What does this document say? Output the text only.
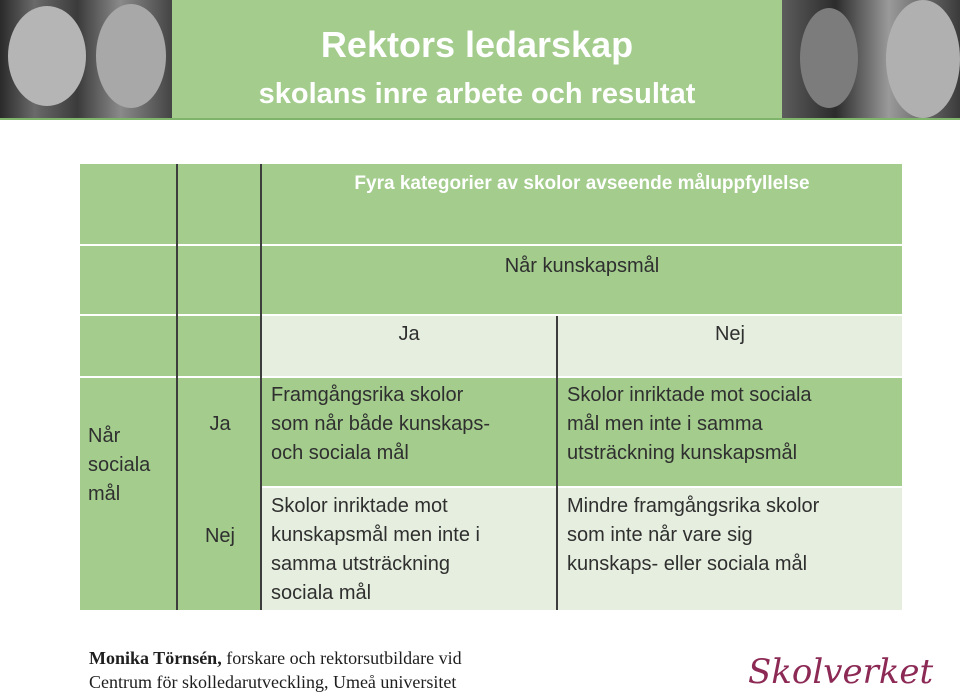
Rektors ledarskap
skolans inre arbete och resultat
Fyra kategorier av skolor avseende måluppfyllelse
Når kunskapsmål
Ja	Nej
Når
sociala
mål
Ja
Framgångsrika skolor
som når både kunskaps-
och sociala mål
Skolor inriktade mot sociala
mål men inte i samma
utsträckning kunskapsmål
Nej
Skolor inriktade mot
kunskapsmål men inte i
samma utsträckning
sociala mål
Mindre framgångsrika skolor
som inte når vare sig
kunskaps- eller sociala mål
Monika Törnsén, forskare och rektorsutbildare vid
Centrum för skolledarutveckling, Umeå universitet	Skolverket
